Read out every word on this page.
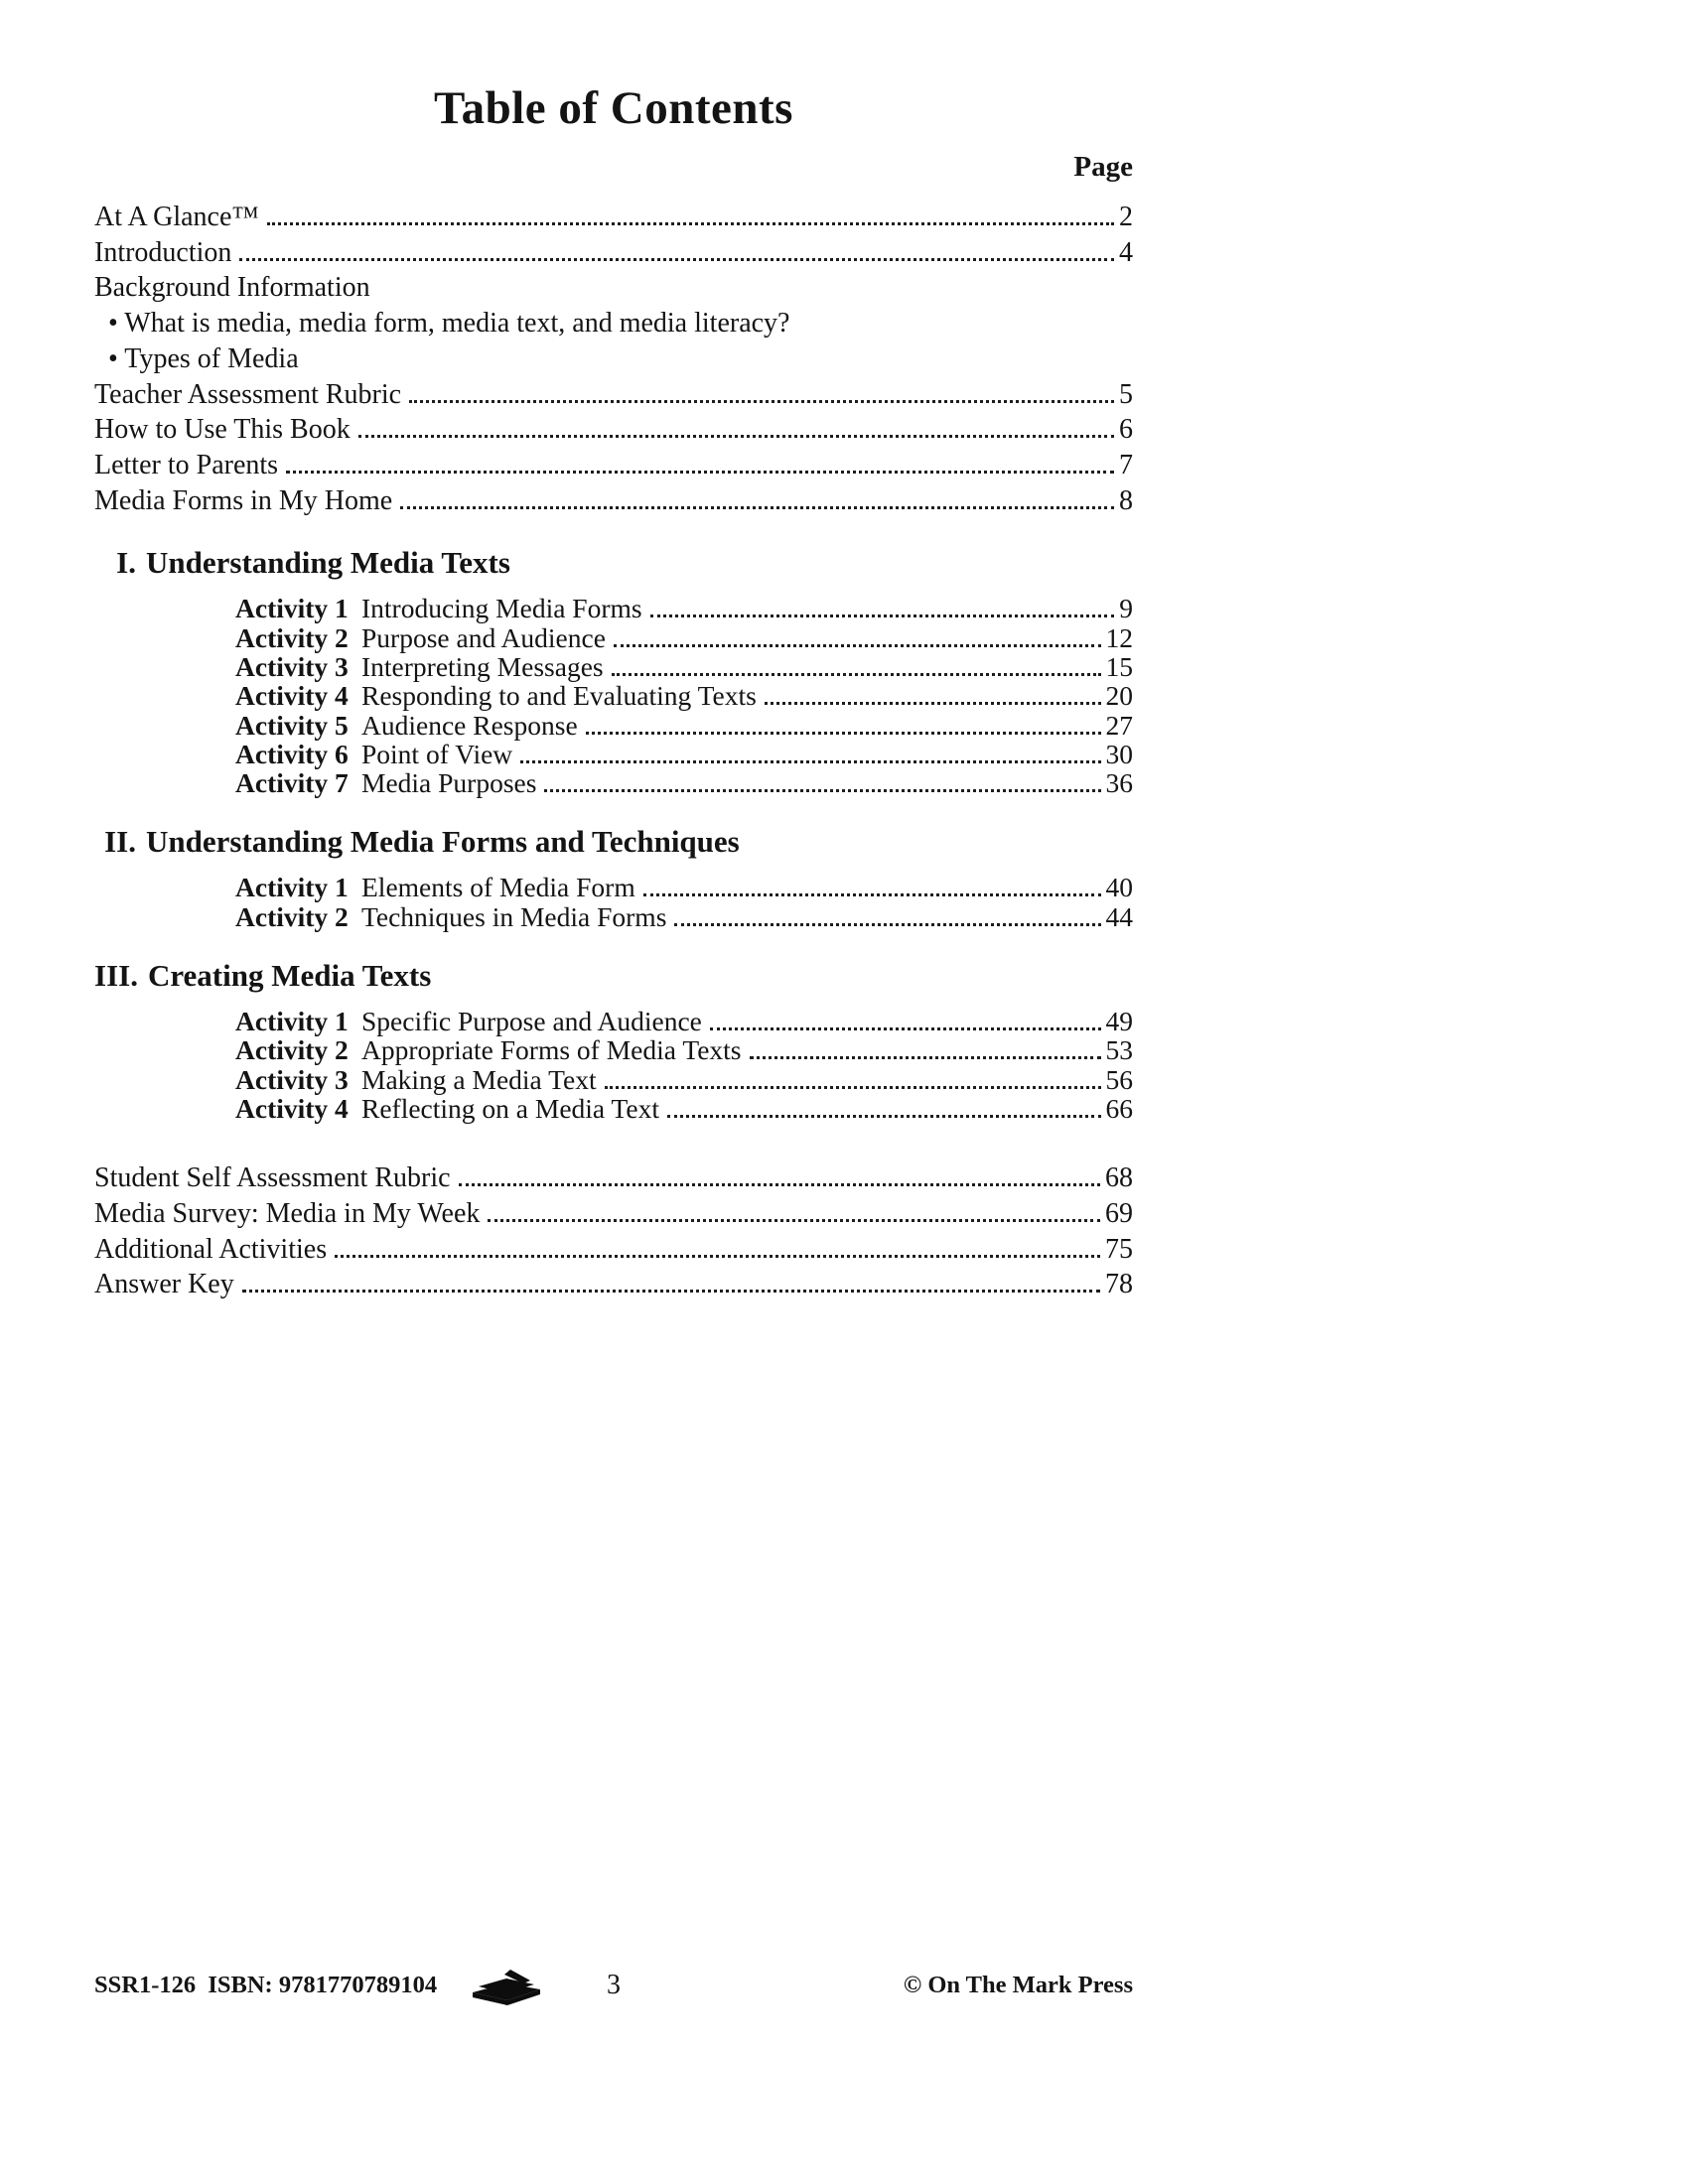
Table of Contents
Page
At A Glance™	2
Introduction	4
Background Information
• What is media, media form, media text, and media literacy?
• Types of Media
Teacher Assessment Rubric	5
How to Use This Book	6
Letter to Parents	7
Media Forms in My Home	8
I. Understanding Media Texts
Activity 1 Introducing Media Forms	9
Activity 2 Purpose and Audience	12
Activity 3 Interpreting Messages	15
Activity 4 Responding to and Evaluating Texts	20
Activity 5 Audience Response	27
Activity 6 Point of View	30
Activity 7 Media Purposes	36
II. Understanding Media Forms and Techniques
Activity 1 Elements of Media Form	40
Activity 2 Techniques in Media Forms	44
III. Creating Media Texts
Activity 1 Specific Purpose and Audience	49
Activity 2 Appropriate Forms of Media Texts	53
Activity 3 Making a Media Text	56
Activity 4 Reflecting on a Media Text	66
Student Self Assessment Rubric	68
Media Survey: Media in My Week	69
Additional Activities	75
Answer Key	78
SSR1-126  ISBN: 9781770789104	3	© On The Mark Press
